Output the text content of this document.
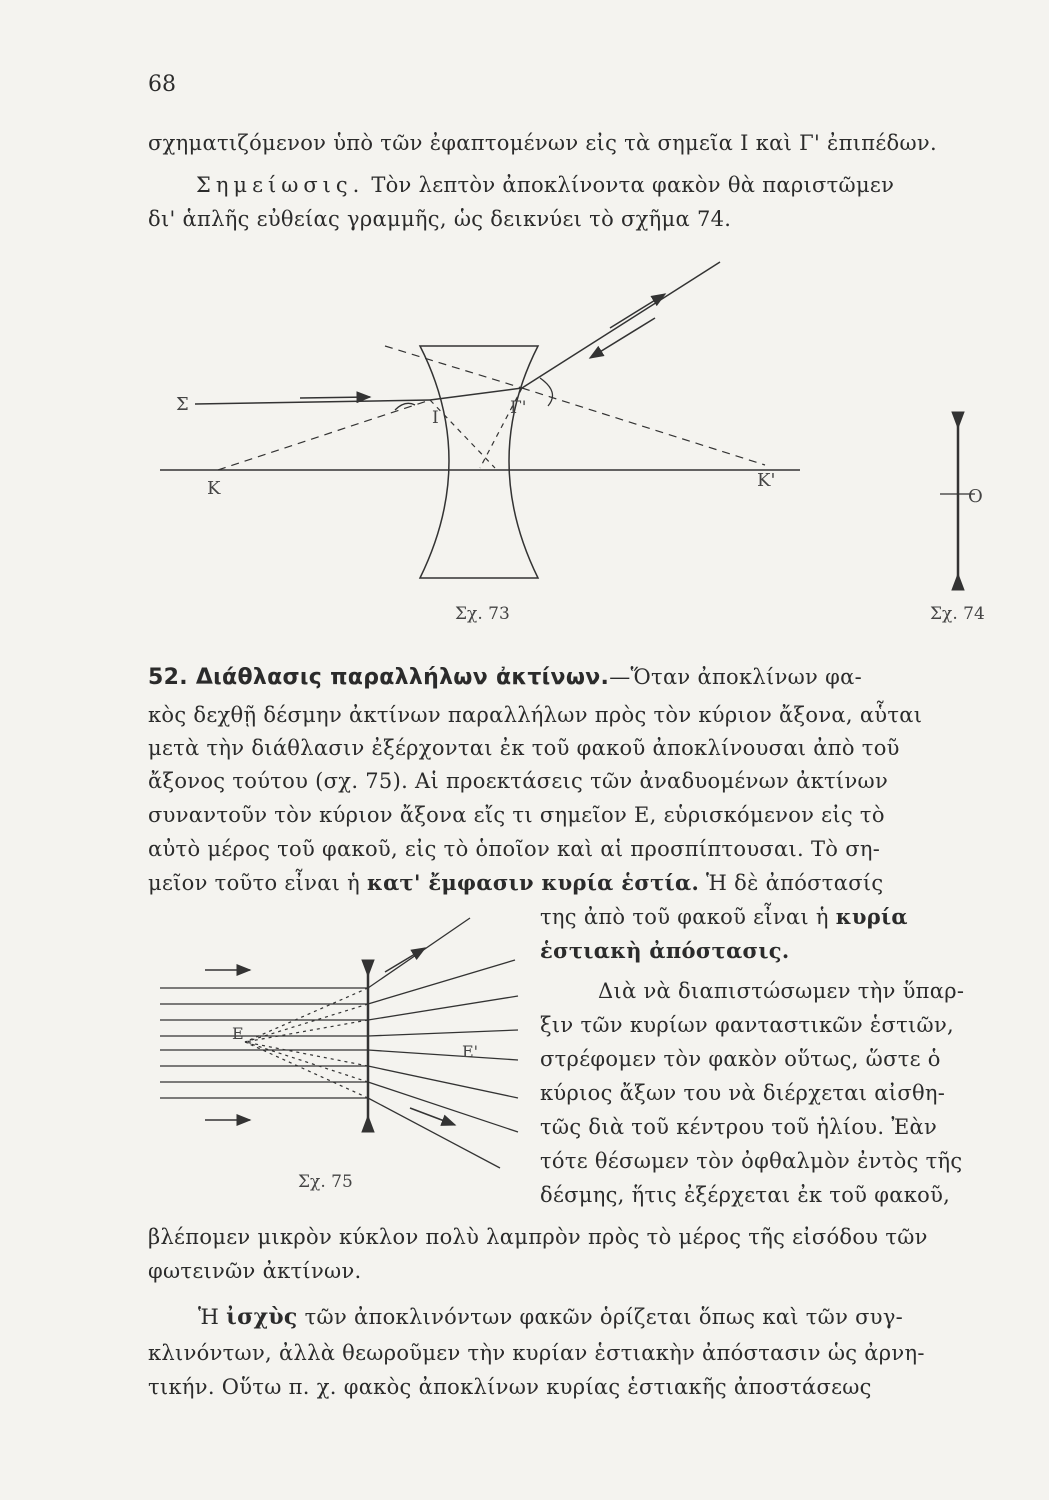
68
σχηματιζόμενον ὑπὸ τῶν ἐφαπτομένων εἰς τὰ σημεῖα Ι καὶ Γ' ἐπιπέδων.
Σημείωσις. Τὸν λεπτὸν ἀποκλίνοντα φακὸν θὰ παριστῶμεν
δι' ἁπλῆς εὐθείας γραμμῆς, ὡς δεικνύει τὸ σχῆμα 74.
Σ
Κ	Κ'
Ι	Γ'
Σχ. 73
Ο
Σχ. 74
52. Διάθλασις παραλλήλων ἀκτίνων.—Ὅταν ἀποκλίνων φα-
κὸς δεχθῇ δέσμην ἀκτίνων παραλλήλων πρὸς τὸν κύριον ἄξονα, αὗται
μετὰ τὴν διάθλασιν ἐξέρχονται ἐκ τοῦ φακοῦ ἀποκλίνουσαι ἀπὸ τοῦ
ἄξονος τούτου (σχ. 75). Αἱ προεκτάσεις τῶν ἀναδυομένων ἀκτίνων
συναντοῦν τὸν κύριον ἄξονα εἴς τι σημεῖον Ε, εὑρισκόμενον εἰς τὸ
αὐτὸ μέρος τοῦ φακοῦ, εἰς τὸ ὁποῖον καὶ αἱ προσπίπτουσαι. Τὸ ση-
μεῖον τοῦτο εἶναι ἡ κατ' ἔμφασιν κυρία ἑστία. Ἡ δὲ ἀπόστασίς
της ἀπὸ τοῦ φακοῦ εἶναι ἡ κυρία
ἑστιακὴ ἀπόστασις.
Διὰ νὰ διαπιστώσωμεν τὴν ὕπαρ-
ξιν τῶν κυρίων φανταστικῶν ἑστιῶν,
στρέφομεν τὸν φακὸν οὕτως, ὥστε ὁ
κύριος ἄξων του νὰ διέρχεται αἰσθη-
τῶς διὰ τοῦ κέντρου τοῦ ἡλίου. Ἐὰν
τότε θέσωμεν τὸν ὀφθαλμὸν ἐντὸς τῆς
δέσμης, ἥτις ἐξέρχεται ἐκ τοῦ φακοῦ,
βλέπομεν μικρὸν κύκλον πολὺ λαμπρὸν πρὸς τὸ μέρος τῆς εἰσόδου τῶν
φωτεινῶν ἀκτίνων.
Ε
Ε'
Σχ. 75
Ἡ ἰσχὺς τῶν ἀποκλινόντων φακῶν ὁρίζεται ὅπως καὶ τῶν συγ-
κλινόντων, ἀλλὰ θεωροῦμεν τὴν κυρίαν ἑστιακὴν ἀπόστασιν ὡς ἀρνη-
τικήν. Οὕτω π. χ. φακὸς ἀποκλίνων κυρίας ἑστιακῆς ἀποστάσεως
